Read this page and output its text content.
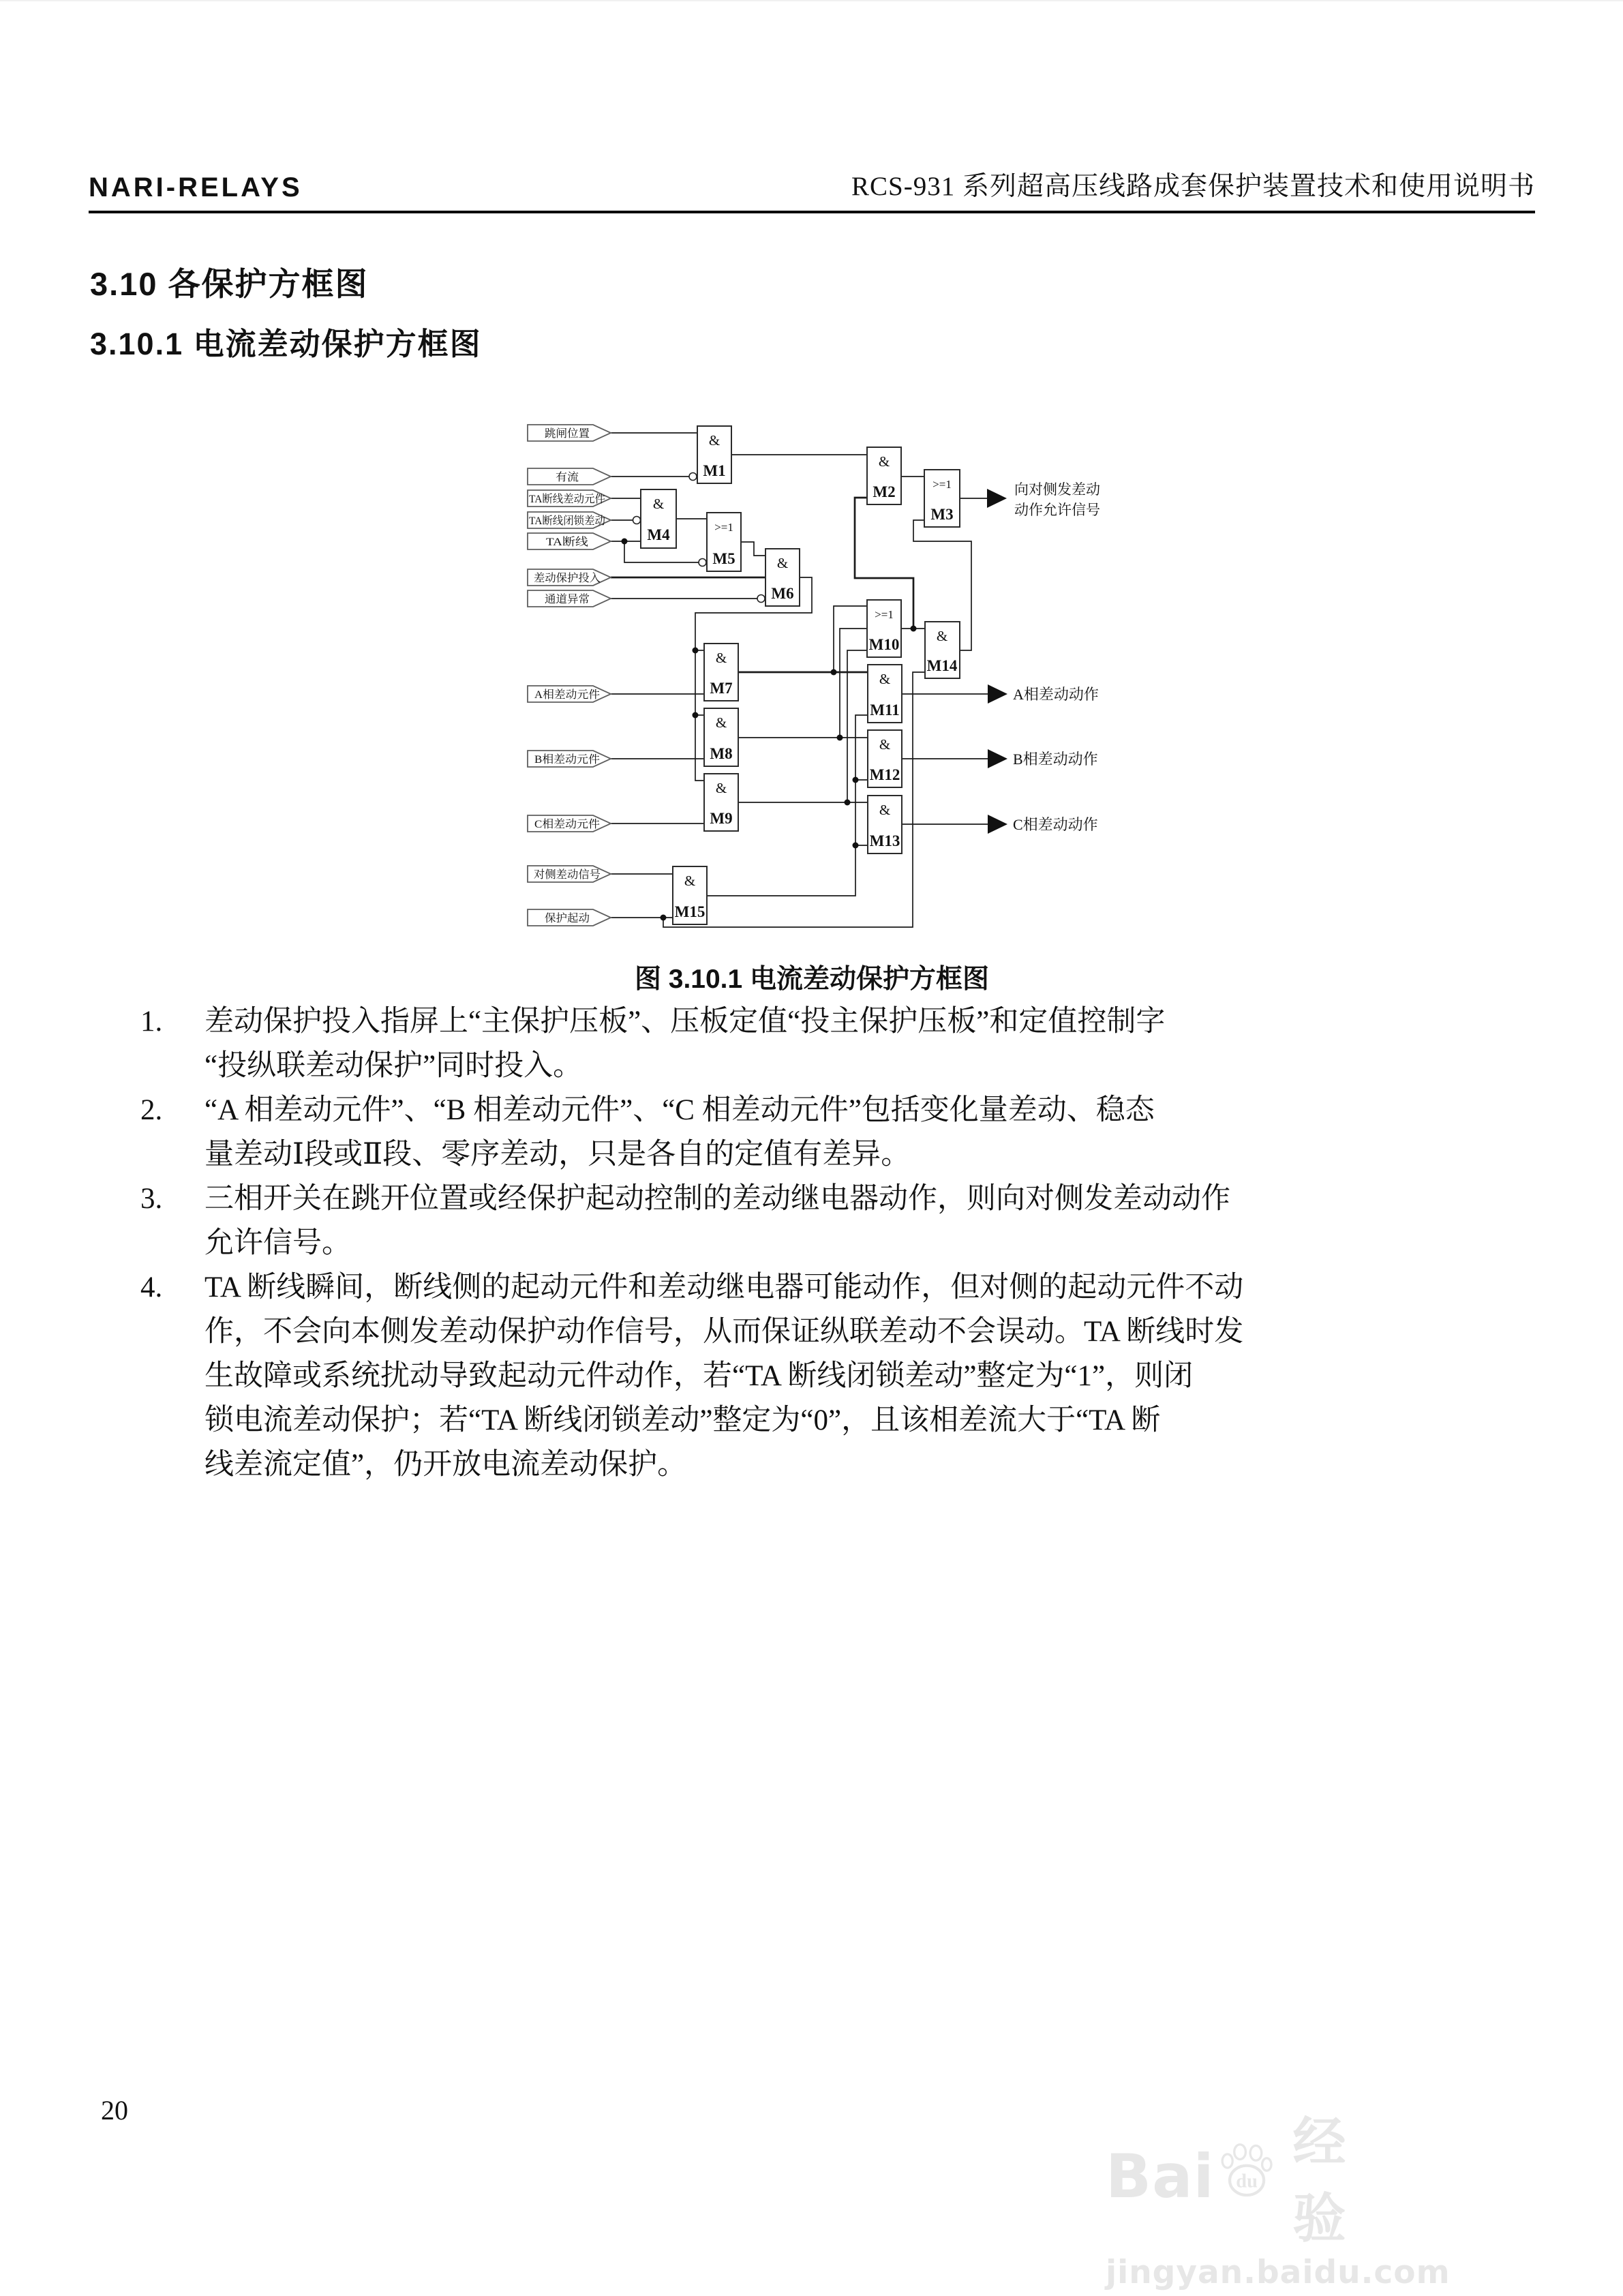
NARI-RELAYS	RCS-931 系列超高压线路成套保护装置技术和使用说明书
3.10 各保护方框图
3.10.1 电流差动保护方框图
跳闸位置
有流
TA断线差动元件
TA断线闭锁差动
TA断线
差动保护投入
通道异常
A相差动元件
B相差动元件
C相差动元件
对侧差动信号
保护起动
&
M1
&
M2	>=1
M3
&
M4	>=1
M5	&
M6
&
M7
&
M8
&
M9
>=1
M10
&
M11
&
M12
&
M13
&
M14
&
M15
向对侧发差动
动作允许信号
A相差动动作
B相差动动作
C相差动动作
图 3.10.1 电流差动保护方框图
1.	差动保护投入指屏上“主保护压板”、压板定值“投主保护压板”和定值控制字
“投纵联差动保护”同时投入。
2.	“A 相差动元件”、“B 相差动元件”、“C 相差动元件”包括变化量差动、稳态
量差动Ⅰ段或Ⅱ段、零序差动，只是各自的定值有差异。
3.	三相开关在跳开位置或经保护起动控制的差动继电器动作，则向对侧发差动动作
允许信号。
4.	TA 断线瞬间，断线侧的起动元件和差动继电器可能动作，但对侧的起动元件不动
作，不会向本侧发差动保护动作信号，从而保证纵联差动不会误动。TA 断线时发
生故障或系统扰动导致起动元件动作，若“TA 断线闭锁差动”整定为“1”，则闭
锁电流差动保护；若“TA 断线闭锁差动”整定为“0”，且该相差流大于“TA 断
线差流定值”，仍开放电流差动保护。
20
Bai du
经验
jingyan.baidu.com
